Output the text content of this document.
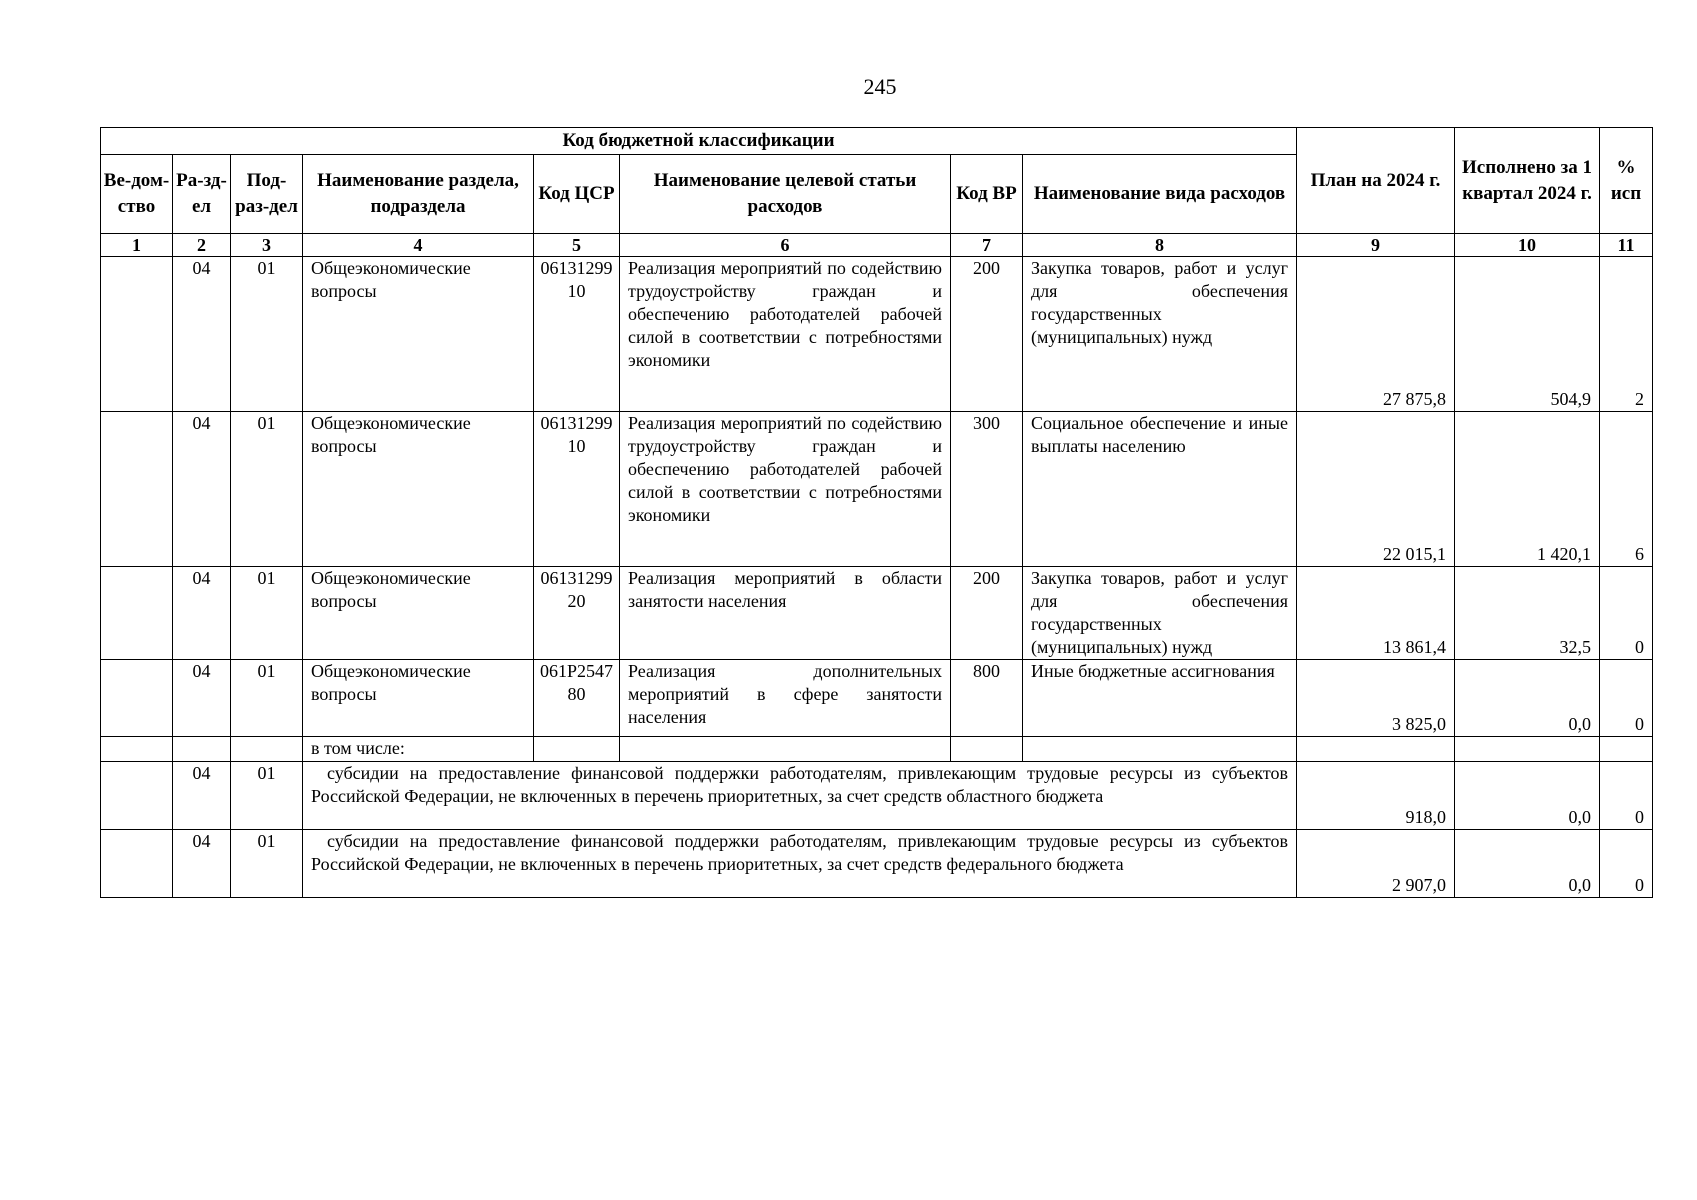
245
Код бюджетной классификации								План на 2024 г.	Исполнено за 1 квартал 2024 г.	% исп
Ве-дом-ство	Ра-зд-ел	Под-раз-дел	Наименование раздела, подраздела	Код ЦСР	Наименование целевой статьи расходов	Код ВР	Наименование вида расходов			
1	2	3	4	5	6	7	8	9	10	11
	04	01	Общеэкономические вопросы	0613129910	Реализация мероприятий по содействию трудоустройству граждан и обеспечению работодателей рабочей силой в соответствии с потребностями экономики	200	Закупка товаров, работ и услуг для обеспечения государственных (муниципальных) нужд	27 875,8	504,9	2
	04	01	Общеэкономические вопросы	0613129910	Реализация мероприятий по содействию трудоустройству граждан и обеспечению работодателей рабочей силой в соответствии с потребностями экономики	300	Социальное обеспечение и иные выплаты населению	22 015,1	1 420,1	6
	04	01	Общеэкономические вопросы	0613129920	Реализация мероприятий в области занятости населения	200	Закупка товаров, работ и услуг для обеспечения государственных (муниципальных) нужд	13 861,4	32,5	0
	04	01	Общеэкономические вопросы	061P254780	Реализация дополнительных мероприятий в сфере занятости населения	800	Иные бюджетные ассигнования	3 825,0	0,0	0
			в том числе:							
	04	01	субсидии на предоставление финансовой поддержки работодателям, привлекающим трудовые ресурсы из субъектов Российской Федерации, не включенных в перечень приоритетных, за счет средств областного бюджета					918,0	0,0	0
	04	01	субсидии на предоставление финансовой поддержки работодателям, привлекающим трудовые ресурсы из субъектов Российской Федерации, не включенных в перечень приоритетных, за счет средств федерального бюджета					2 907,0	0,0	0
